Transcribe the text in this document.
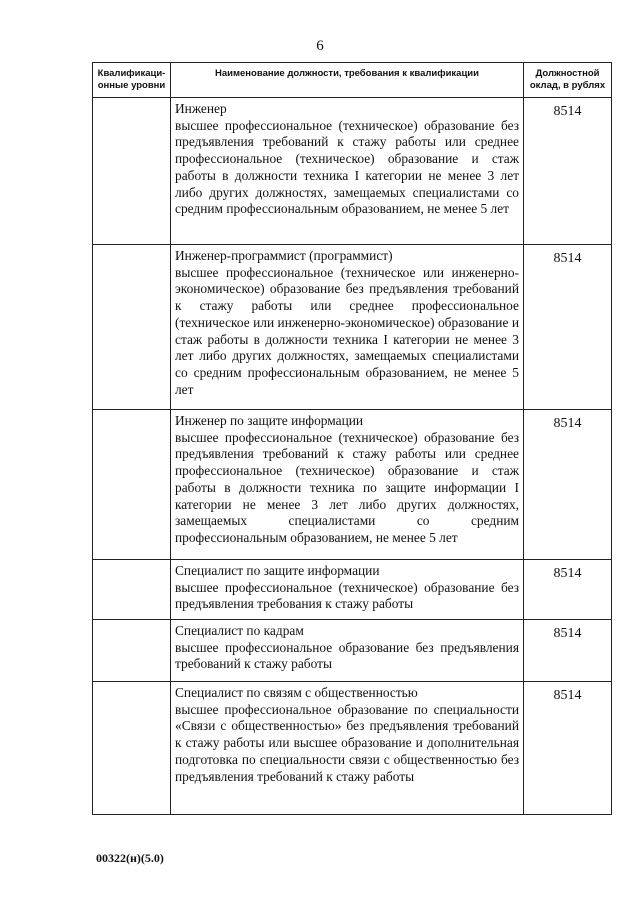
6
Квалификаци-онные уровни	Наименование должности, требования к квалификации	Должностной оклад, в рублях

	Инженер
высшее профессиональное (техническое) образование без предъявления требований к стажу работы или среднее профессиональное (техническое) образование и стаж работы в должности техника I категории не менее 3 лет либо других должностях, замещаемых специалистами со средним профессиональным образованием, не менее 5 лет	8514

	Инженер-программист (программист)
высшее профессиональное (техническое или инженерно-экономическое) образование без предъявления требований к стажу работы или среднее профессиональное (техническое или инженерно-экономическое) образование и стаж работы в должности техника I категории не менее 3 лет либо других должностях, замещаемых специалистами со средним профессиональным образованием, не менее 5 лет	8514

	Инженер по защите информации
высшее профессиональное (техническое) образование без предъявления требований к стажу работы или среднее профессиональное (техническое) образование и стаж работы в должности техника по защите информации I категории не менее 3 лет либо других должностях, замещаемых специалистами со средним профессиональным образованием, не менее 5 лет	8514

	Специалист по защите информации
высшее профессиональное (техническое) образование без предъявления требования к стажу работы	8514

	Специалист по кадрам
высшее профессиональное образование без предъявления требований к стажу работы	8514

	Специалист по связям с общественностью
высшее профессиональное образование по специальности «Связи с общественностью» без предъявления требований к стажу работы или высшее образование и дополнительная подготовка по специальности связи с общественностью без предъявления требований к стажу работы	8514
00322(н)(5.0)
